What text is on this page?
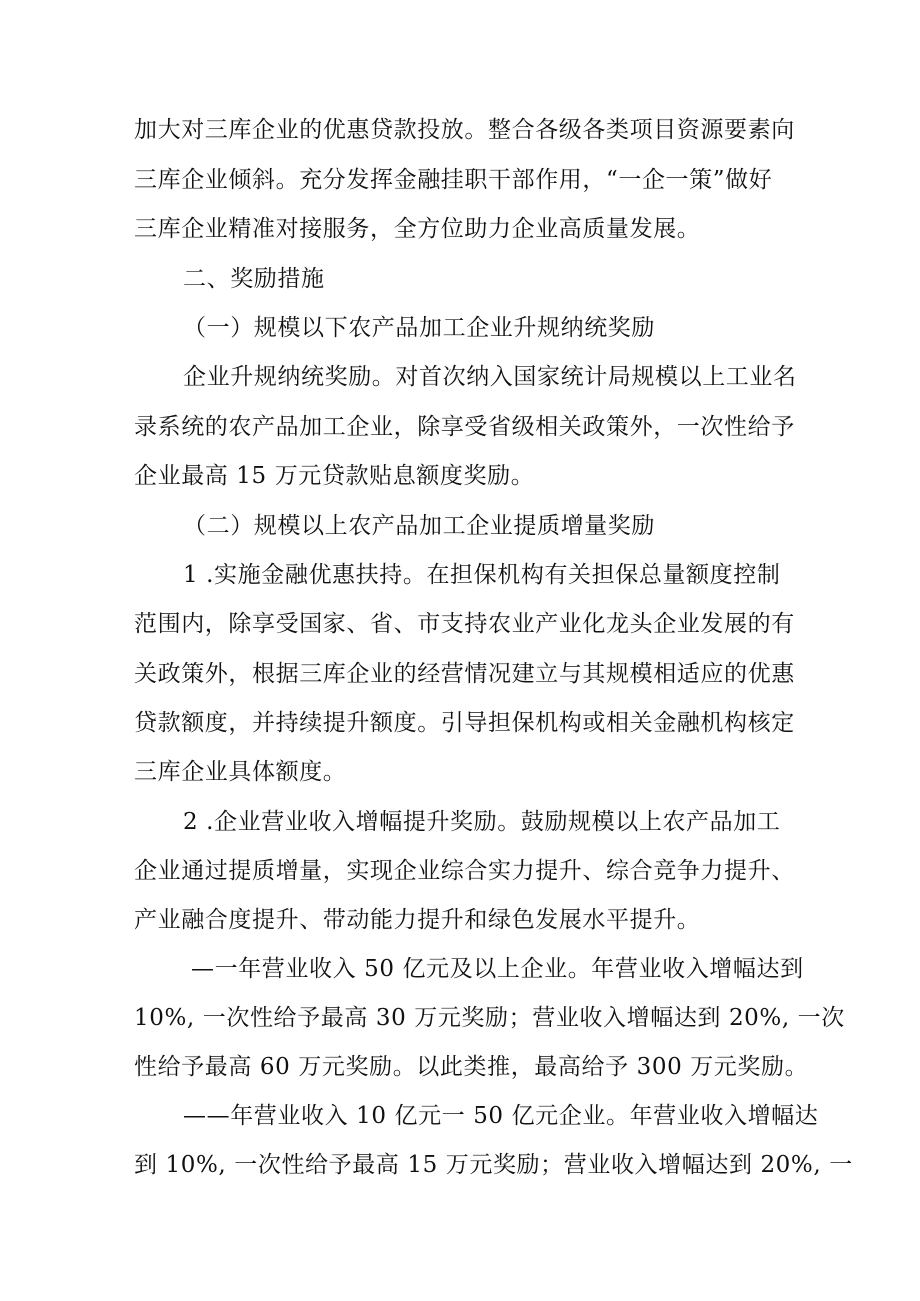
加大对三库企业的优惠贷款投放。整合各级各类项目资源要素向
三库企业倾斜。充分发挥金融挂职干部作用，“一企一策”做好
三库企业精准对接服务，全方位助力企业高质量发展。
二、奖励措施
（一）规模以下农产品加工企业升规纳统奖励
企业升规纳统奖励。对首次纳入国家统计局规模以上工业名
录系统的农产品加工企业，除享受省级相关政策外，一次性给予
企业最高 15 万元贷款贴息额度奖励。
（二）规模以上农产品加工企业提质增量奖励
1 .实施金融优惠扶持。在担保机构有关担保总量额度控制
范围内，除享受国家、省、市支持农业产业化龙头企业发展的有
关政策外，根据三库企业的经营情况建立与其规模相适应的优惠
贷款额度，并持续提升额度。引导担保机构或相关金融机构核定
三库企业具体额度。
2 .企业营业收入增幅提升奖励。鼓励规模以上农产品加工
企业通过提质增量，实现企业综合实力提升、综合竞争力提升、
产业融合度提升、带动能力提升和绿色发展水平提升。
—一年营业收入 50 亿元及以上企业。年营业收入增幅达到
10%, 一次性给予最高 30 万元奖励；营业收入增幅达到 20%, 一次
性给予最高 60 万元奖励。以此类推，最高给予 300 万元奖励。
——年营业收入 10 亿元一 50 亿元企业。年营业收入增幅达
到 10%, 一次性给予最高 15 万元奖励；营业收入增幅达到 20%, 一
